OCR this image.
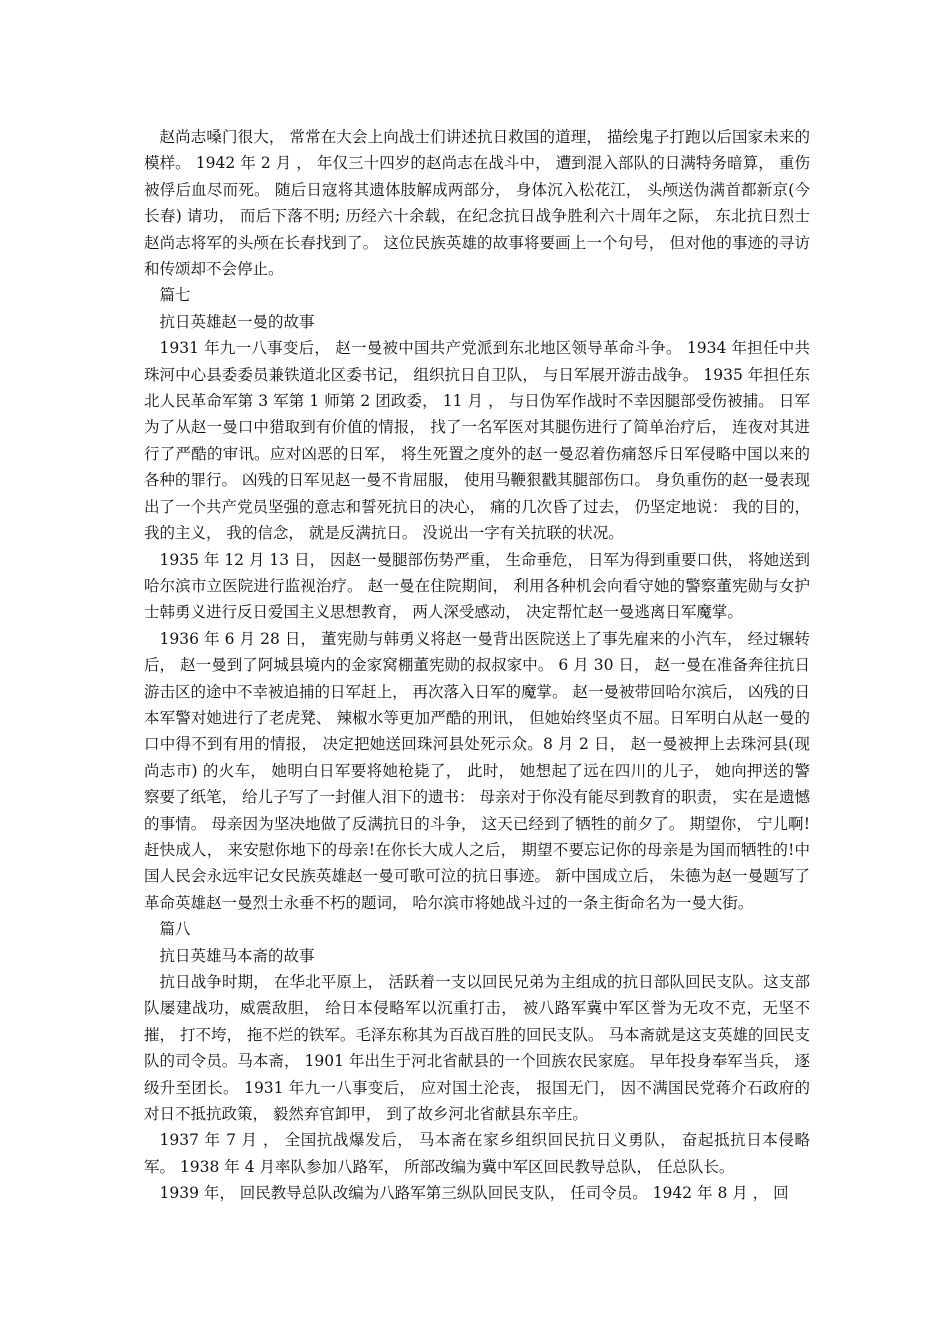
赵尚志嗓门很大， 常常在大会上向战士们讲述抗日救国的道理， 描绘鬼子打跑以后国家未来的模样。 1942 年 2 月 ， 年仅三十四岁的赵尚志在战斗中， 遭到混入部队的日满特务暗算， 重伤被俘后血尽而死。 随后日寇将其遗体肢解成两部分， 身体沉入松花江， 头颅送伪满首都新京(今长春) 请功， 而后下落不明; 历经六十余载，在纪念抗日战争胜利六十周年之际， 东北抗日烈士赵尚志将军的头颅在长春找到了。 这位民族英雄的故事将要画上一个句号， 但对他的事迹的寻访和传颂却不会停止。

篇七

抗日英雄赵一曼的故事

1931 年九一八事变后， 赵一曼被中国共产党派到东北地区领导革命斗争。 1934 年担任中共珠河中心县委委员兼铁道北区委书记， 组织抗日自卫队， 与日军展开游击战争。 1935 年担任东北人民革命军第 3 军第 1 师第 2 团政委， 11 月 ， 与日伪军作战时不幸因腿部受伤被捕。 日军为了从赵一曼口中猎取到有价值的情报， 找了一名军医对其腿伤进行了简单治疗后， 连夜对其进行了严酷的审讯。应对凶恶的日军， 将生死置之度外的赵一曼忍着伤痛怒斥日军侵略中国以来的各种的罪行。 凶残的日军见赵一曼不肯屈服， 使用马鞭狠戳其腿部伤口。 身负重伤的赵一曼表现出了一个共产党员坚强的意志和誓死抗日的决心， 痛的几次昏了过去， 仍坚定地说： 我的目的， 我的主义， 我的信念， 就是反满抗日。 没说出一字有关抗联的状况。

1935 年 12 月 13 日， 因赵一曼腿部伤势严重， 生命垂危， 日军为得到重要口供， 将她送到哈尔滨市立医院进行监视治疗。 赵一曼在住院期间， 利用各种机会向看守她的警察董宪勋与女护士韩勇义进行反日爱国主义思想教育， 两人深受感动， 决定帮忙赵一曼逃离日军魔掌。

1936 年 6 月 28 日， 董宪勋与韩勇义将赵一曼背出医院送上了事先雇来的小汽车， 经过辗转后， 赵一曼到了阿城县境内的金家窝棚董宪勋的叔叔家中。 6 月 30 日， 赵一曼在准备奔往抗日游击区的途中不幸被追捕的日军赶上， 再次落入日军的魔掌。 赵一曼被带回哈尔滨后， 凶残的日本军警对她进行了老虎凳、 辣椒水等更加严酷的刑讯， 但她始终坚贞不屈。日军明白从赵一曼的口中得不到有用的情报， 决定把她送回珠河县处死示众。8 月 2 日， 赵一曼被押上去珠河县(现尚志市) 的火车， 她明白日军要将她枪毙了， 此时， 她想起了远在四川的儿子， 她向押送的警察要了纸笔， 给儿子写了一封催人泪下的遗书： 母亲对于你没有能尽到教育的职责， 实在是遗憾的事情。 母亲因为坚决地做了反满抗日的斗争， 这天已经到了牺牲的前夕了。 期望你， 宁儿啊! 赶快成人， 来安慰你地下的母亲!在你长大成人之后， 期望不要忘记你的母亲是为国而牺牲的!中国人民会永远牢记女民族英雄赵一曼可歌可泣的抗日事迹。 新中国成立后， 朱德为赵一曼题写了革命英雄赵一曼烈士永垂不朽的题词， 哈尔滨市将她战斗过的一条主街命名为一曼大街。

篇八

抗日英雄马本斋的故事

抗日战争时期， 在华北平原上， 活跃着一支以回民兄弟为主组成的抗日部队回民支队。这支部队屡建战功，威震敌胆， 给日本侵略军以沉重打击， 被八路军冀中军区誉为无攻不克，无坚不摧， 打不垮， 拖不烂的铁军。毛泽东称其为百战百胜的回民支队。 马本斋就是这支英雄的回民支队的司令员。马本斋， 1901 年出生于河北省献县的一个回族农民家庭。 早年投身奉军当兵， 逐级升至团长。 1931 年九一八事变后， 应对国土沦丧， 报国无门， 因不满国民党蒋介石政府的对日不抵抗政策， 毅然弃官卸甲， 到了故乡河北省献县东辛庄。

1937 年 7 月 ， 全国抗战爆发后， 马本斋在家乡组织回民抗日义勇队， 奋起抵抗日本侵略军。 1938 年 4 月率队参加八路军， 所部改编为冀中军区回民教导总队， 任总队长。

1939 年， 回民教导总队改编为八路军第三纵队回民支队， 任司令员。 1942 年 8 月 ， 回
